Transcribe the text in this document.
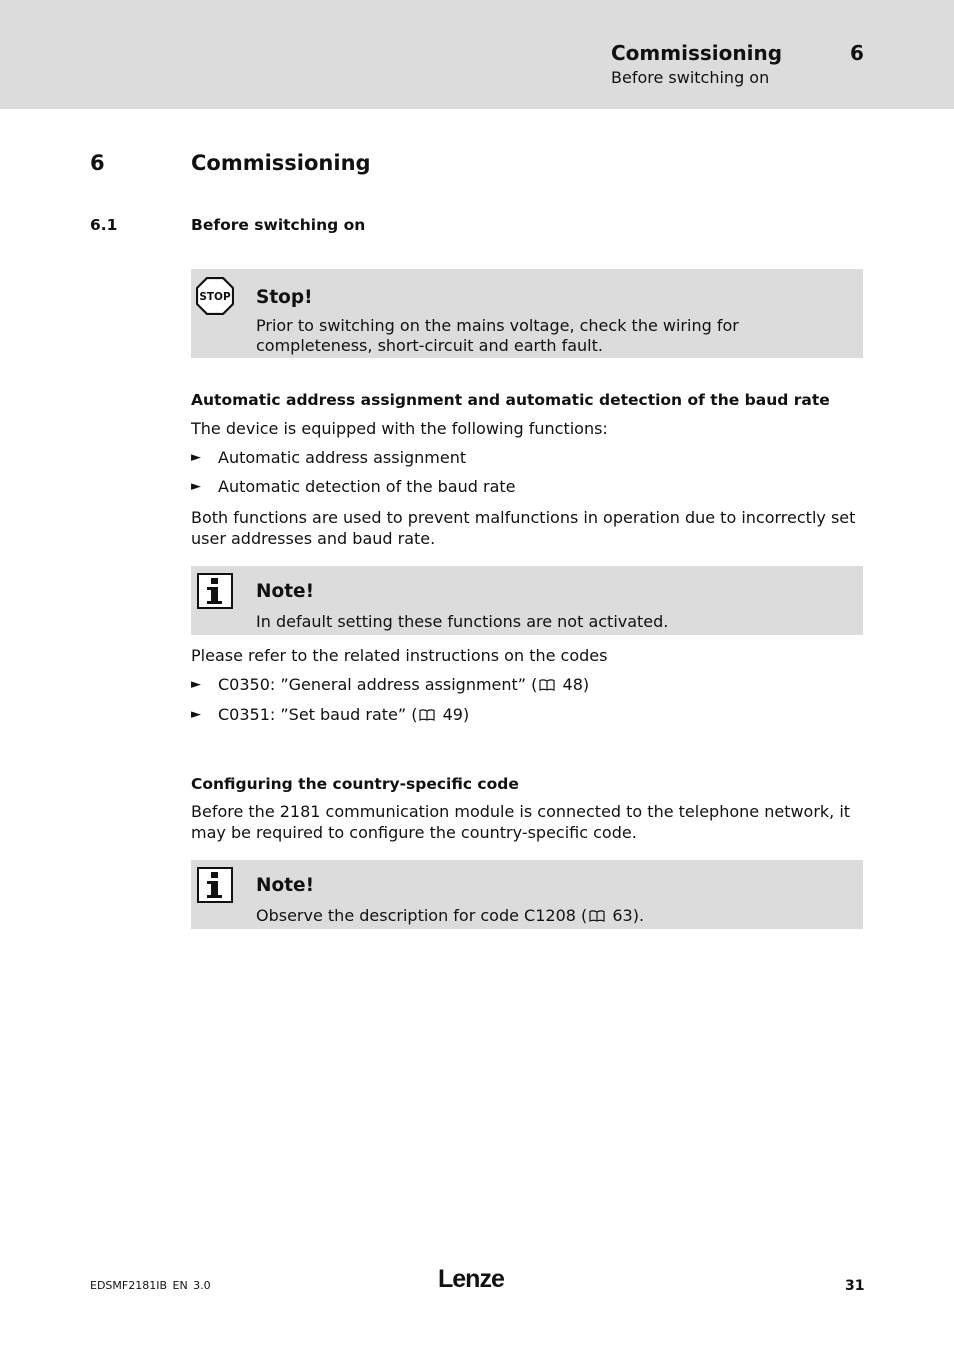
Commissioning	6
Before switching on
6	Commissioning
6.1	Before switching on
STOP Stop!
Prior to switching on the mains voltage, check the wiring for completeness, short-circuit and earth fault.
Automatic address assignment and automatic detection of the baud rate
The device is equipped with the following functions:
► Automatic address assignment
► Automatic detection of the baud rate
Both functions are used to prevent malfunctions in operation due to incorrectly set user addresses and baud rate.
Note!
In default setting these functions are not activated.
Please refer to the related instructions on the codes
► C0350: ”General address assignment” ( 48)
► C0351: ”Set baud rate” ( 49)
Configuring the country-specific code
Before the 2181 communication module is connected to the telephone network, it may be required to configure the country-specific code.
Note!
Observe the description for code C1208 ( 63).
EDSMF2181IB EN 3.0	Lenze	31
